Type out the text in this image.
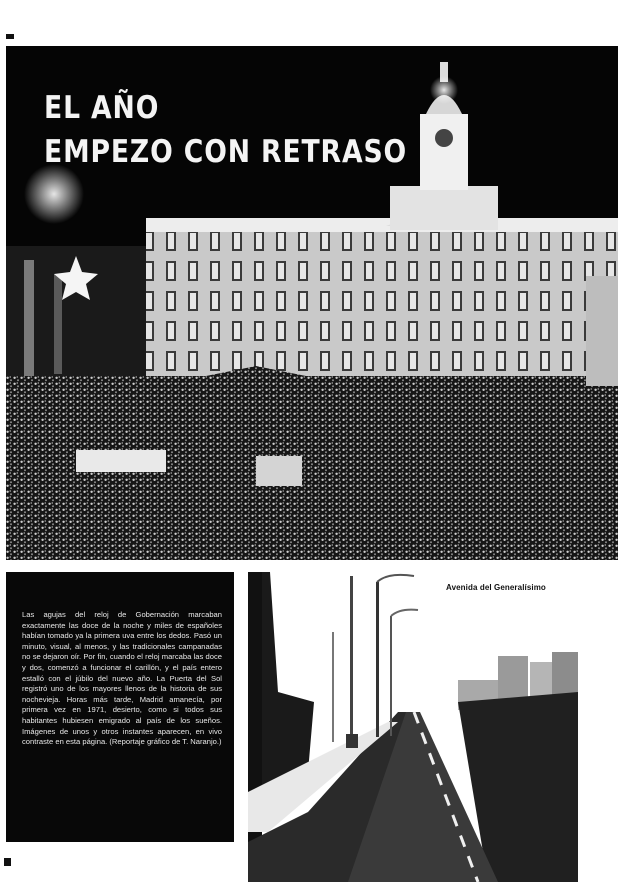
EL AÑO
EMPEZO CON RETRASO

Las agujas del reloj de Gobernación marcaban exactamente las doce de la noche y miles de españoles habían tomado ya la primera uva entre los dedos. Pasó un minuto, visual, al menos, y las tradicionales campanadas no se dejaron oír. Por fin, cuando el reloj marcaba las doce y dos, comenzó a funcionar el carillón, y el país entero estalló con el júbilo del nuevo año. La Puerta del Sol registró uno de los mayores llenos de la historia de sus nochevieja. Horas más tarde, Madrid amanecía, por primera vez en 1971, desierto, como si todos sus habitantes hubiesen emigrado al país de los sueños. Imágenes de unos y otros instantes aparecen, en vivo contraste en esta página. (Reportaje gráfico de T. Naranjo.)

Avenida del Generalísimo
